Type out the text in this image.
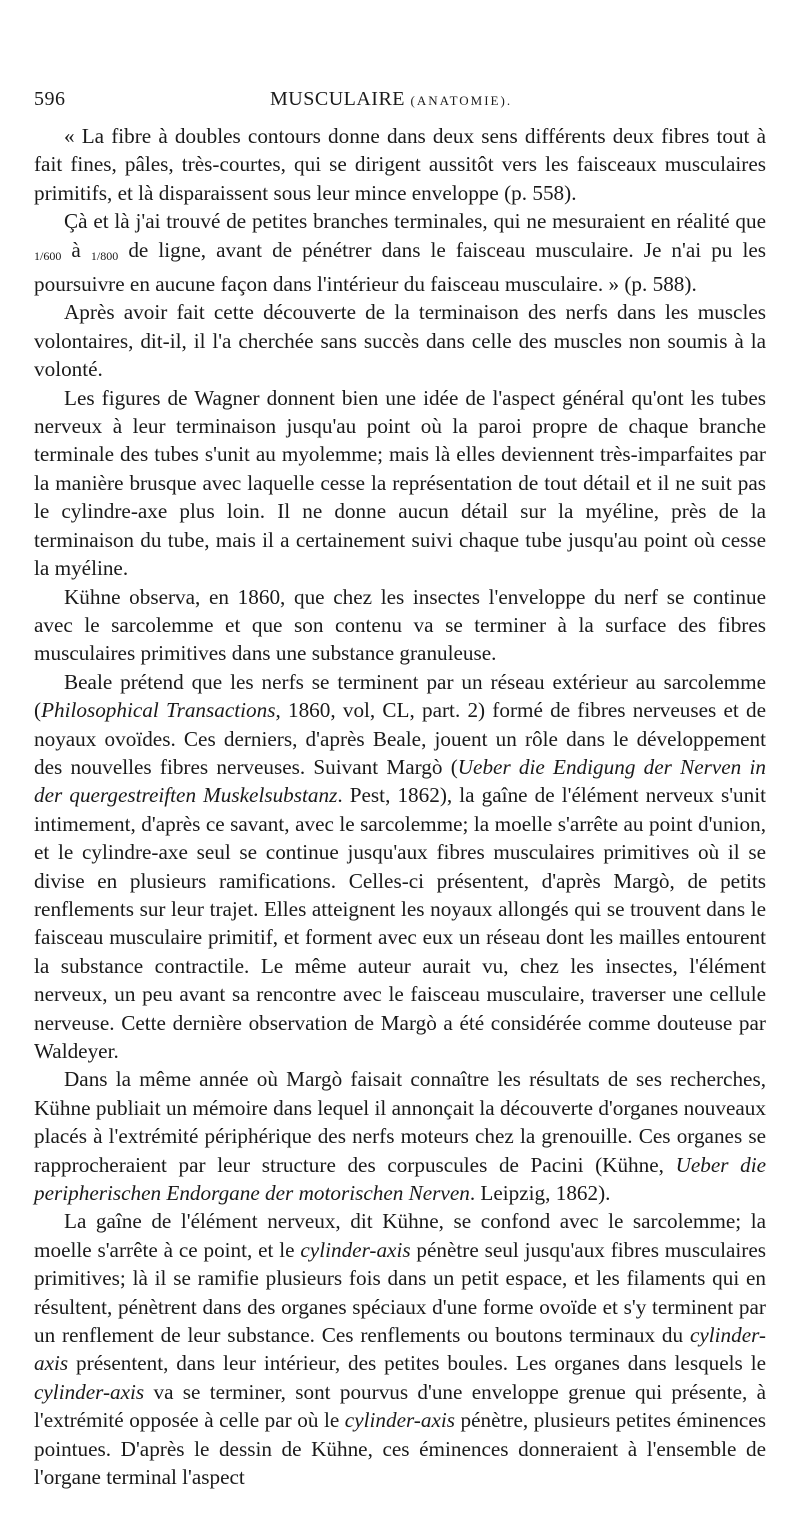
596	MUSCULAIRE (ANATOMIE).

« La fibre à doubles contours donne dans deux sens différents deux fibres tout à fait fines, pâles, très-courtes, qui se dirigent aussitôt vers les faisceaux musculaires primitifs, et là disparaissent sous leur mince enveloppe (p. 558).

Çà et là j'ai trouvé de petites branches terminales, qui ne mesuraient en réalité que 1/600 à 1/800 de ligne, avant de pénétrer dans le faisceau musculaire. Je n'ai pu les poursuivre en aucune façon dans l'intérieur du faisceau musculaire. » (p. 588).

Après avoir fait cette découverte de la terminaison des nerfs dans les muscles volontaires, dit-il, il l'a cherchée sans succès dans celle des muscles non soumis à la volonté.

Les figures de Wagner donnent bien une idée de l'aspect général qu'ont les tubes nerveux à leur terminaison jusqu'au point où la paroi propre de chaque branche terminale des tubes s'unit au myolemme; mais là elles deviennent très-imparfaites par la manière brusque avec laquelle cesse la représentation de tout détail et il ne suit pas le cylindre-axe plus loin. Il ne donne aucun détail sur la myéline, près de la terminaison du tube, mais il a certainement suivi chaque tube jusqu'au point où cesse la myéline.

Kühne observa, en 1860, que chez les insectes l'enveloppe du nerf se continue avec le sarcolemme et que son contenu va se terminer à la surface des fibres musculaires primitives dans une substance granuleuse.

Beale prétend que les nerfs se terminent par un réseau extérieur au sarcolemme (Philosophical Transactions, 1860, vol, CL, part. 2) formé de fibres nerveuses et de noyaux ovoïdes. Ces derniers, d'après Beale, jouent un rôle dans le développement des nouvelles fibres nerveuses. Suivant Margò (Ueber die Endigung der Nerven in der quergestreiften Muskelsubstanz. Pest, 1862), la gaîne de l'élément nerveux s'unit intimement, d'après ce savant, avec le sarcolemme; la moelle s'arrête au point d'union, et le cylindre-axe seul se continue jusqu'aux fibres musculaires primitives où il se divise en plusieurs ramifications. Celles-ci présentent, d'après Margò, de petits renflements sur leur trajet. Elles atteignent les noyaux allongés qui se trouvent dans le faisceau musculaire primitif, et forment avec eux un réseau dont les mailles entourent la substance contractile. Le même auteur aurait vu, chez les insectes, l'élément nerveux, un peu avant sa rencontre avec le faisceau musculaire, traverser une cellule nerveuse. Cette dernière observation de Margò a été considérée comme douteuse par Waldeyer.

Dans la même année où Margò faisait connaître les résultats de ses recherches, Kühne publiait un mémoire dans lequel il annonçait la découverte d'organes nouveaux placés à l'extrémité périphérique des nerfs moteurs chez la grenouille. Ces organes se rapprocheraient par leur structure des corpuscules de Pacini (Kühne, Ueber die peripherischen Endorgane der motorischen Nerven. Leipzig, 1862).

La gaîne de l'élément nerveux, dit Kühne, se confond avec le sarcolemme; la moelle s'arrête à ce point, et le cylinder-axis pénètre seul jusqu'aux fibres musculaires primitives; là il se ramifie plusieurs fois dans un petit espace, et les filaments qui en résultent, pénètrent dans des organes spéciaux d'une forme ovoïde et s'y terminent par un renflement de leur substance. Ces renflements ou boutons terminaux du cylinder-axis présentent, dans leur intérieur, des petites boules. Les organes dans lesquels le cylinder-axis va se terminer, sont pourvus d'une enveloppe grenue qui présente, à l'extrémité opposée à celle par où le cylinder-axis pénètre, plusieurs petites éminences pointues. D'après le dessin de Kühne, ces éminences donneraient à l'ensemble de l'organe terminal l'aspect
